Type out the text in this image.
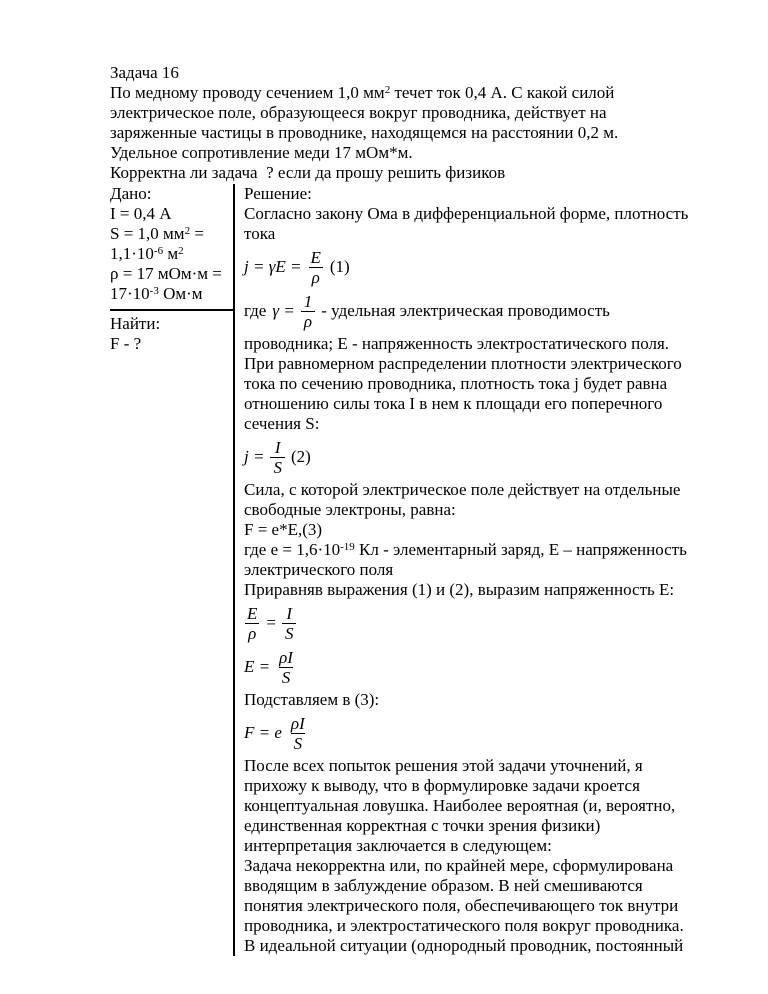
Задача 16
По медному проводу сечением 1,0 $мм^2$ течет ток 0,4 А. С какой силой
электрическое поле, образующееся вокруг проводника, действует на
заряженные частицы в проводнике, находящемся на расстоянии 0,2 м.
Удельное сопротивление меди 17 мОм*м.
Корректна ли задача  ? если да прошу решить физиков
Дано:
I = 0,4 А
S = 1,0 $мм^2$ =
$1,1\cdot 10^{-6}$ $м^2$
ρ = 17 мОм·м =
$17\cdot 10^{-3}$ Ом·м
Найти:
F - ?
Решение:
Согласно закону Ома в дифференциальной форме, плотность
тока
$j = \gamma E = \frac{E}{\rho} (1)$
где $\gamma = \frac{1}{\rho}$ - удельная электрическая проводимость
проводника; Е - напряженность электростатического поля.
При равномерном распределении плотности электрического
тока по сечению проводника, плотность тока j будет равна
отношению силы тока I в нем к площади его поперечного
сечения S:
$j = \frac{I}{S} (2)$
Сила, с которой электрическое поле действует на отдельные
свободные электроны, равна:
F = e*E,(3)
где $е = 1,6\cdot 10^{-19}$ Кл - элементарный заряд, Е – напряженность
электрического поля
Приравняв выражения (1) и (2), выразим напряженность Е:
$\frac{E}{\rho} = \frac{I}{S}$
$E = \frac{\rho I}{S}$
Подставляем в (3):
F = e $\frac{\rho I}{S}$
После всех попыток решения этой задачи уточнений, я
прихожу к выводу, что в формулировке задачи кроется
концептуальная ловушка. Наиболее вероятная (и, вероятно,
единственная корректная с точки зрения физики)
интерпретация заключается в следующем:
Задача некорректна или, по крайней мере, сформулирована
вводящим в заблуждение образом. В ней смешиваются
понятия электрического поля, обеспечивающего ток внутри
проводника, и электростатического поля вокруг проводника.
В идеальной ситуации (однородный проводник, постоянный
